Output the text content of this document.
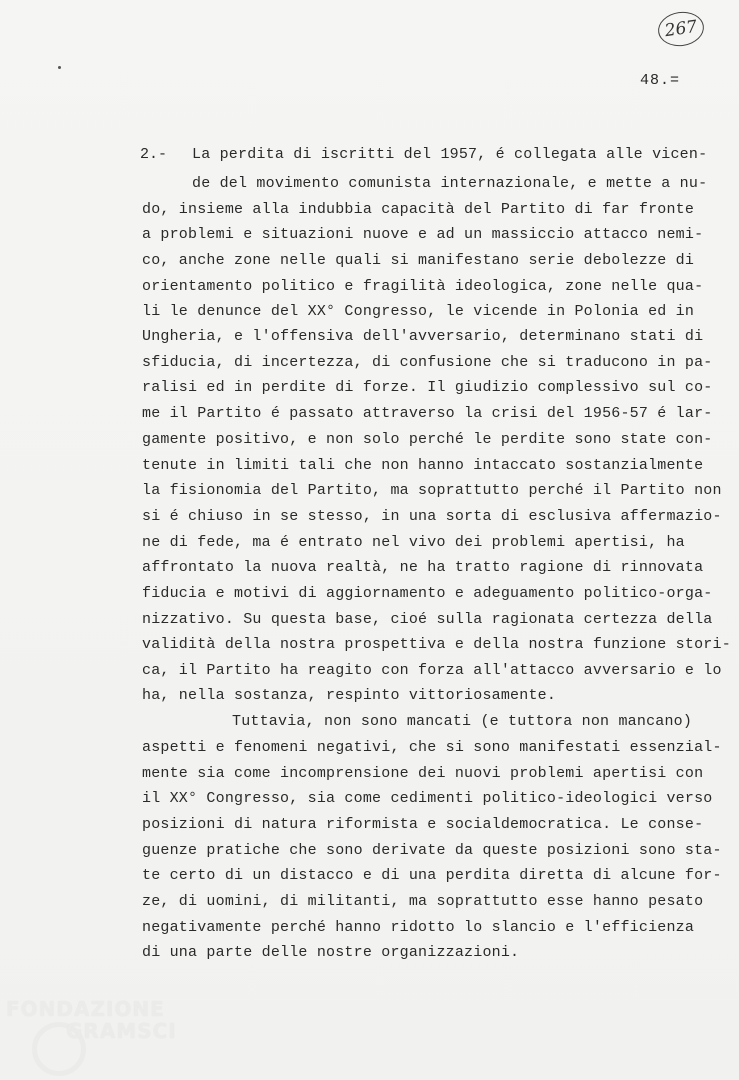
267
48.=
2.- La perdita di iscritti del 1957, é collegata alle vicen-
de del movimento comunista internazionale, e mette a nu-
do, insieme alla indubbia capacità del Partito di far fronte
a problemi e situazioni nuove e ad un massiccio attacco nemi-
co, anche zone nelle quali si manifestano serie debolezze di
orientamento politico e fragilità ideologica, zone nelle qua-
li le denunce del XX° Congresso, le vicende in Polonia ed in
Ungheria, e l'offensiva dell'avversario, determinano stati di
sfiducia, di incertezza, di confusione che si traducono in pa-
ralisi ed in perdite di forze. Il giudizio complessivo sul co-
me il Partito é passato attraverso la crisi del 1956-57 é lar-
gamente positivo, e non solo perché le perdite sono state con-
tenute in limiti tali che non hanno intaccato sostanzialmente
la fisionomia del Partito, ma soprattutto perché il Partito non
si é chiuso in se stesso, in una sorta di esclusiva affermazio-
ne di fede, ma é entrato nel vivo dei problemi apertisi, ha
affrontato la nuova realtà, ne ha tratto ragione di rinnovata
fiducia e motivi di aggiornamento e adeguamento politico-orga-
nizzativo. Su questa base, cioé sulla ragionata certezza della
validità della nostra prospettiva e della nostra funzione stori-
ca, il Partito ha reagito con forza all'attacco avversario e lo
ha, nella sostanza, respinto vittoriosamente.
Tuttavia, non sono mancati (e tuttora non mancano)
aspetti e fenomeni negativi, che si sono manifestati essenzial-
mente sia come incomprensione dei nuovi problemi apertisi con
il XX° Congresso, sia come cedimenti politico-ideologici verso
posizioni di natura riformista e socialdemocratica. Le conse-
guenze pratiche che sono derivate da queste posizioni sono sta-
te certo di un distacco e di una perdita diretta di alcune for-
ze, di uomini, di militanti, ma soprattutto esse hanno pesato
negativamente perché hanno ridotto lo slancio e l'efficienza
di una parte delle nostre organizzazioni.
FONDAZIONE
GRAMSCI
